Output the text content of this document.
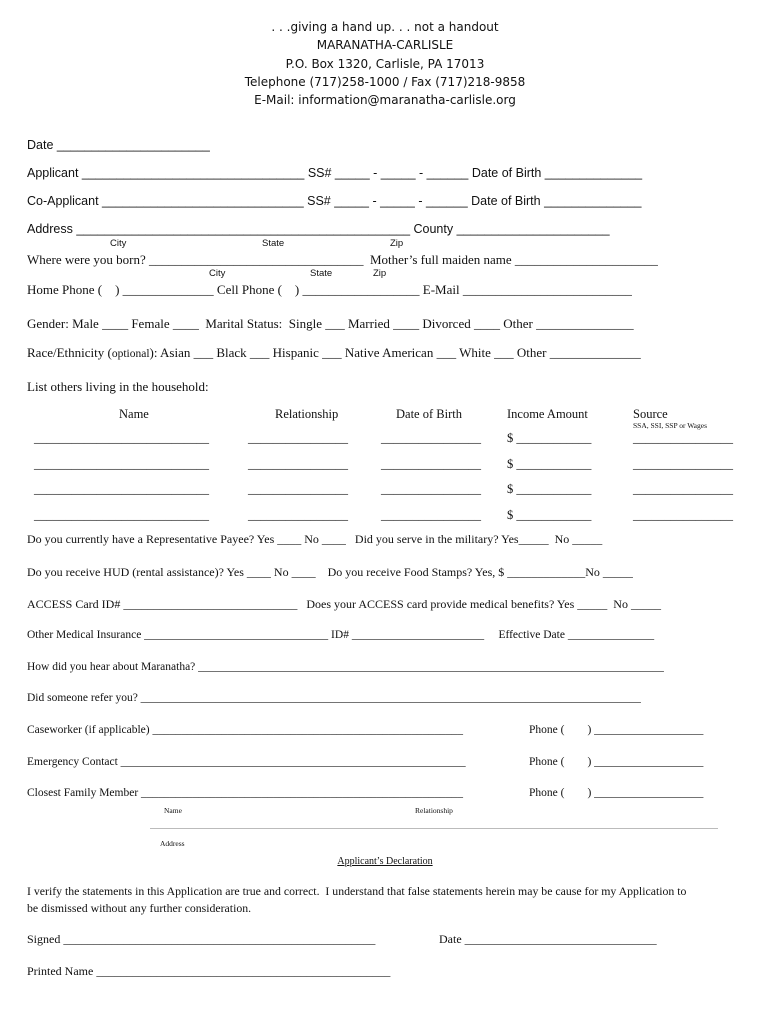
. . .giving a hand up. . . not a handout
MARANATHA-CARLISLE
P.O. Box 1320, Carlisle, PA 17013
Telephone (717)258-1000 / Fax (717)218-9858
E-Mail: information@maranatha-carlisle.org
Date ______________________
Applicant ________________________________ SS# _____ - _____ - ______ Date of Birth ______________
Co-Applicant _____________________________ SS# _____ - _____ - ______ Date of Birth ______________
Address ________________________________________________ County ______________________
City	State	Zip
Where were you born? _________________________________  Mother’s full maiden name ______________________
City	State	Zip
Home Phone (    ) ______________ Cell Phone (    ) __________________ E-Mail __________________________
Gender: Male ____ Female ____  Marital Status:  Single ___ Married ____ Divorced ____ Other _______________
Race/Ethnicity (optional): Asian ___ Black ___ Hispanic ___ Native American ___ White ___ Other ______________
List others living in the household:
Name	Relationship	Date of Birth	Income Amount	Source
SSA, SSI, SSP or Wages
____________________________	________________	________________ $ ____________	________________
____________________________	________________	________________ $ ____________	________________
____________________________	________________	________________ $ ____________	________________
____________________________	________________	________________ $ ____________	________________
Do you currently have a Representative Payee? Yes ____ No ____   Did you serve in the military? Yes_____  No _____
Do you receive HUD (rental assistance)? Yes ____ No ____    Do you receive Food Stamps? Yes, $ _____________No _____
ACCESS Card ID# _____________________________   Does your ACCESS card provide medical benefits? Yes _____  No _____
Other Medical Insurance ________________________________ ID# _______________________     Effective Date _______________
How did you hear about Maranatha? _________________________________________________________________________________
Did someone refer you? _______________________________________________________________________________________
Caseworker (if applicable) ______________________________________________________	Phone (        ) ___________________
Emergency Contact ____________________________________________________________	Phone (        ) ___________________
Closest Family Member ________________________________________________________	Phone (        ) ___________________
Name	Relationship
Address
Applicant’s Declaration
I verify the statements in this Application are true and correct.  I understand that false statements herein may be cause for my Application to
be dismissed without any further consideration.
Signed ____________________________________________________	Date ________________________________
Printed Name _________________________________________________
